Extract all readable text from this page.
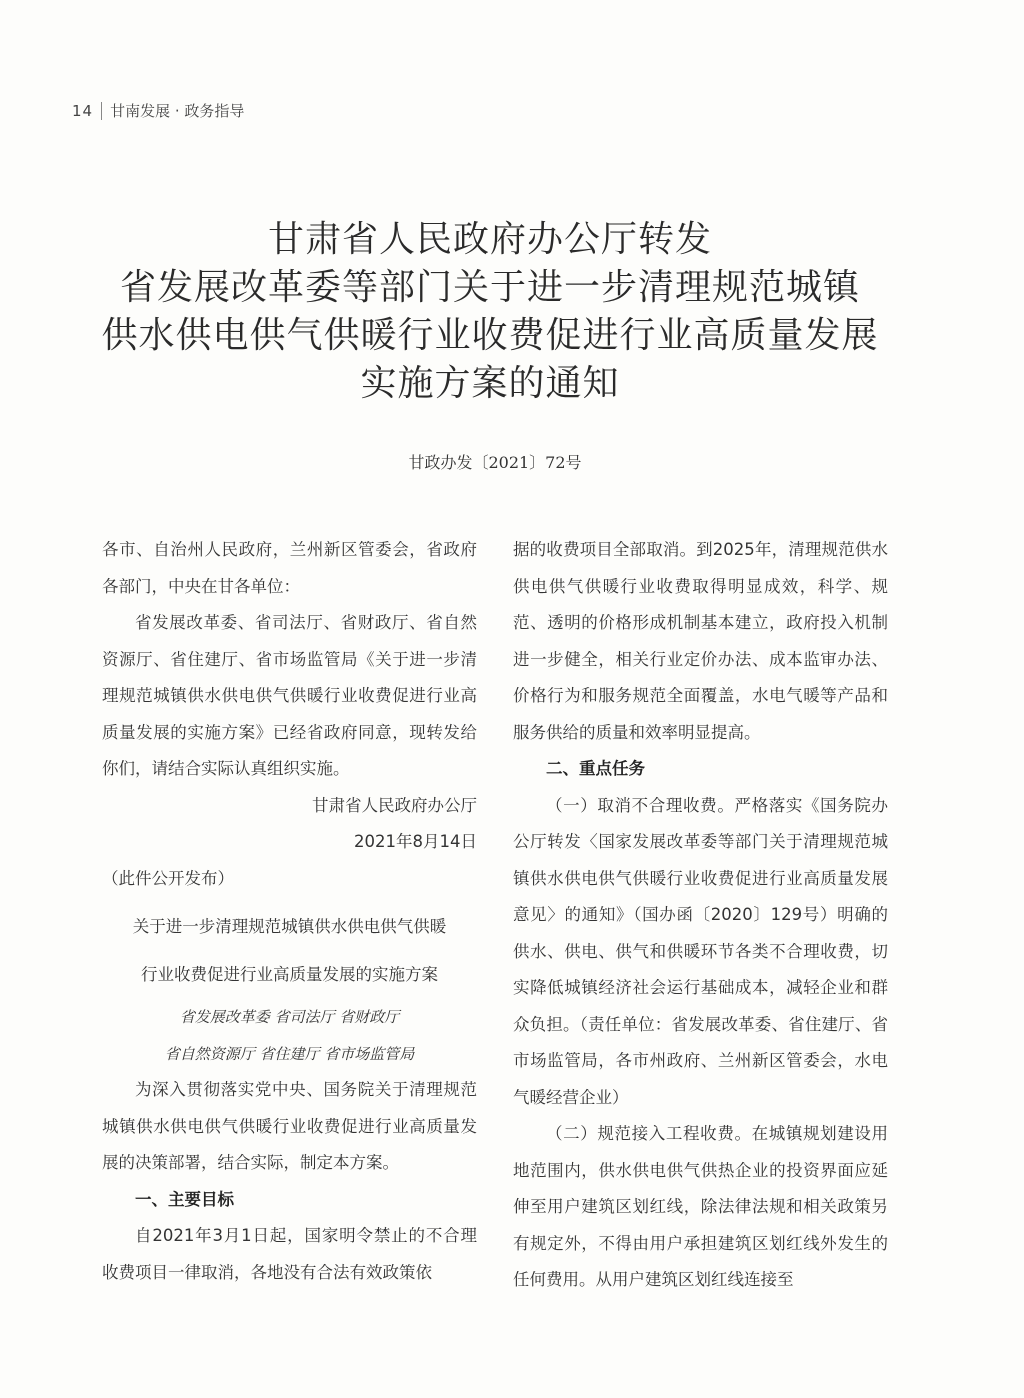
14 甘南发展 · 政务指导
甘肃省人民政府办公厅转发
省发展改革委等部门关于进一步清理规范城镇
供水供电供气供暖行业收费促进行业高质量发展
实施方案的通知
甘政办发〔2021〕72号

各市、自治州人民政府，兰州新区管委会，省政府各部门，中央在甘各单位：

省发展改革委、省司法厅、省财政厅、省自然资源厅、省住建厅、省市场监管局《关于进一步清理规范城镇供水供电供气供暖行业收费促进行业高质量发展的实施方案》已经省政府同意，现转发给你们，请结合实际认真组织实施。

甘肃省人民政府办公厅

2021年8月14日

（此件公开发布）

关于进一步清理规范城镇供水供电供气供暖

行业收费促进行业高质量发展的实施方案

省发展改革委 省司法厅 省财政厅

省自然资源厅 省住建厅 省市场监管局

为深入贯彻落实党中央、国务院关于清理规范城镇供水供电供气供暖行业收费促进行业高质量发展的决策部署，结合实际，制定本方案。

一、主要目标

自2021年3月1日起，国家明令禁止的不合理收费项目一律取消，各地没有合法有效政策依

据的收费项目全部取消。到2025年，清理规范供水供电供气供暖行业收费取得明显成效，科学、规范、透明的价格形成机制基本建立，政府投入机制进一步健全，相关行业定价办法、成本监审办法、价格行为和服务规范全面覆盖，水电气暖等产品和服务供给的质量和效率明显提高。

二、重点任务

（一）取消不合理收费。严格落实《国务院办公厅转发〈国家发展改革委等部门关于清理规范城镇供水供电供气供暖行业收费促进行业高质量发展意见〉的通知》（国办函〔2020〕129号）明确的供水、供电、供气和供暖环节各类不合理收费，切实降低城镇经济社会运行基础成本，减轻企业和群众负担。（责任单位：省发展改革委、省住建厅、省市场监管局，各市州政府、兰州新区管委会，水电气暖经营企业）

（二）规范接入工程收费。在城镇规划建设用地范围内，供水供电供气供热企业的投资界面应延伸至用户建筑区划红线，除法律法规和相关政策另有规定外，不得由用户承担建筑区划红线外发生的任何费用。从用户建筑区划红线连接至
